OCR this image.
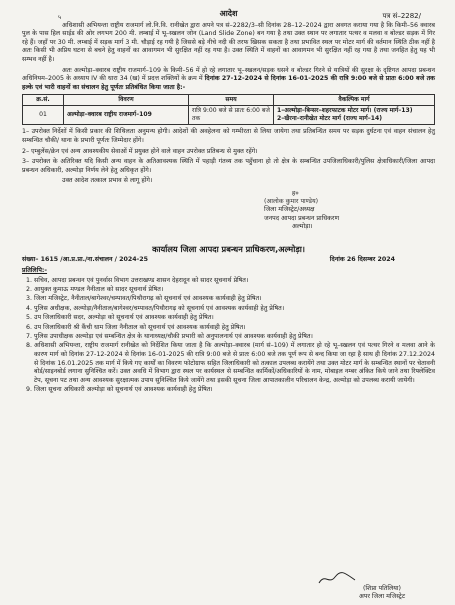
५	पत्र सं–2282/
आदेश

अधिशासी अभियन्ता राष्ट्रीय राजमार्ग लो.नि.वि. रानीखेत द्वारा अपने पत्र सं–2282/3–सी दिनांक 28–12–2024 द्वारा अवगत कराया गया है कि किमी–56 क्वारब पुल के पास हिल साईड की ओर लगभग 200 मी. लम्बाई में भू–स्खलन जोन (Land Slide Zone) बन गया है तथा उक्त स्थान पर लगातार पत्थर व मलवा व बोल्डर सड़क में गिर रहे हैं। जहाँ पर 30 मी. लम्बाई में सड़क मार्ग 3 मी. चौड़ाई रह गयी है जिससे बड़े नीचे नदी की तरफ खिसक सकता है तथा प्रभावित स्थल पर मोटर मार्ग की वर्तमान स्थिति ठीक नहीं है अतः किसी भी अप्रिय घटना से बचने हेतु वाहनों का आवागमन भी सुरक्षित नहीं रह गया है। उक्त स्थिति में वाहनों का आवागमन भी सुरक्षित नहीं रह गया है तथा जनहित हेतु यह भी सम्भव नहीं है।

अतः अल्मोड़ा–क्वारब राष्ट्रीय राजमार्ग–109 के किमी–56 में हो रहे लगातार भू–स्खलन/सड़क धसने व बोल्डर गिरने से यात्रियों की सुरक्षा के दृष्टिगत आपदा प्रबन्धन अधिनियम–2005 के अध्याय IV की धारा 34 (ख) में प्रदत्त शक्तियों के क्रम में दिनांक 27-12-2024 से दिनांक 16-01-2025 की रात्रि 9:00 बजे से प्रातः 6:00 बजे तक हल्के एवं भारी वाहनों का संचालन हेतु पूर्णतः प्रतिबंधित किया जाता है:-

क्र.सं.	विवरण	समय	वैकल्पिक मार्ग
01	अल्मोड़ा–क्वारब राष्ट्रीय राजमार्ग–109	रात्रि 9:00 बजे से प्रातः 6:00 बजे तक	1–अल्मोड़ा–बिन्सर–शहरफाटक मोटर मार्ग। (राज्य मार्ग–13)
2–खैरना–रानीखेत मोटर मार्ग (राज्य मार्ग–14)

1– उपरोक्त निर्देशों में किसी प्रकार की शिथिलता अनुमन्य होगी। आदेशों की अवहेलना को गम्भीरता से लिया जायेगा तथा प्रतिबन्धित समय पर सड़क दुर्घटना एवं वाहन संचालन हेतु सम्बन्धित चौकी/ थाना के प्रभारी पूर्णतः जिम्मेदार होंगे।

2– एम्बुलेंस/क्रेन एवं अन्य आवश्यकीय सेवाओं में प्रयुक्त होने वाले वाहन उपरोक्त प्रतिबन्ध से मुक्त रहेंगे।

3– उपरोक्त के अतिरिक्त यदि किसी अन्य वाहन के अतिआवश्यक स्थिति में पहाड़ी गंतव्य तक पहुँचाना हो तो क्षेत्र के सम्बन्धित उपजिलाधिकारी/पुलिस क्षेत्राधिकारी/जिला आपदा प्रबन्धन अधिकारी, अल्मोड़ा निर्णय लेने हेतु अधिकृत होंगे।

उक्त आदेश तत्काल प्रभाव से लागू होंगे।

ह०
(आलोक कुमार पाण्डेय)
जिला मजिस्ट्रेट/अध्यक्ष
जनपद आपदा प्रबन्धन प्राधिकरण
अल्मोड़ा।
कार्यालय जिला आपदा प्रबन्धन प्राधिकरण,अल्मोड़ा।
संख्या– 1615 /आ.प्र.प्रा./ना.संचालन / 2024-25	दिनांक 26 दिसम्बर 2024
प्रतिलिपि:-
1. सचिव, आपदा प्रबन्धन एवं पुनर्वास विभाग उत्तराखण्ड शासन देहरादून को सादर सूचनार्थ प्रेषित।
2. आयुक्त कुमाऊ मण्डल नैनीताल को सादर सूचनार्थ प्रेषित।
3. जिला मजिस्ट्रेट, नैनीताल/बागेश्वर/चम्पावत/पिथौरागढ़ को सूचनार्थ एवं आवश्यक कार्यवाही हेतु प्रेषित।
4. पुलिस अधीक्षक, अल्मोड़ा/नैनीताल/बागेश्वर/चम्पावत/पिथौरागढ़ को सूचनार्थ एवं आवश्यक कार्यवाही हेतु प्रेषित।
5. उप जिलाधिकारी सदर, अल्मोड़ा को सूचनार्थ एवं आवश्यक कार्यवाही हेतु प्रेषित।
6. उप जिलाधिकारी श्री कैंची धाम जिला नैनीताल को सूचनार्थ एवं आवश्यक कार्यवाही हेतु प्रेषित।
7. पुलिस उपाधीक्षक अल्मोड़ा एवं सम्बन्धित क्षेत्र के थानाध्यक्ष/चौकी प्रभारी को अनुपालनार्थ एवं आवश्यक कार्यवाही हेतु प्रेषित।
8. अधिशासी अभियन्ता, राष्ट्रीय राजमार्ग रानीखेत को निर्देशित किया जाता है कि अल्मोड़ा–क्वारब (मार्ग सं–109) में लगातार हो रहे भू–स्खलन एवं पत्थर गिरने व मलवा आने के कारण मार्ग को दिनांक 27-12-2024 से दिनांक 16-01-2025 की रात्रि 9:00 बजे से प्रातः 6:00 बजे तक पूर्ण रूप से बन्द किया जा रहा है साथ ही दिनांक 27.12.2024 से दिनांक 16.01.2025 तक मार्ग में किये गए कार्यों का विवरण फोटोग्राफ सहित जिलाधिकारी को तत्काल उपलब्ध करायेंगे तथा उक्त मोटर मार्ग के सम्बन्धित स्थानों पर चेतावनी बोर्ड/साइनबोर्ड लगाना सुनिश्चित करें। उक्त अवधि में विभाग द्वारा स्थल पर कार्यस्थल से सम्बन्धित कार्मिकों/अधिकारियों के नाम, मोबाइल नम्बर अंकित किये जाने तथा रिफ्लेक्टिव टेप, सूचना पट तथा अन्य आवश्यक सुरक्षात्मक उपाय सुनिश्चित किये जायेंगे तथा इसकी सूचना जिला आपातकालीन परिचालन केन्द्र, अल्मोड़ा को उपलब्ध करायी जायेगी।
9. जिला सूचना अधिकारी अल्मोड़ा को सूचनार्थ एवं आवश्यक कार्यवाही हेतु प्रेषित।
(शिप्रा पतिलिया)
अपर जिला मजिस्ट्रेट
